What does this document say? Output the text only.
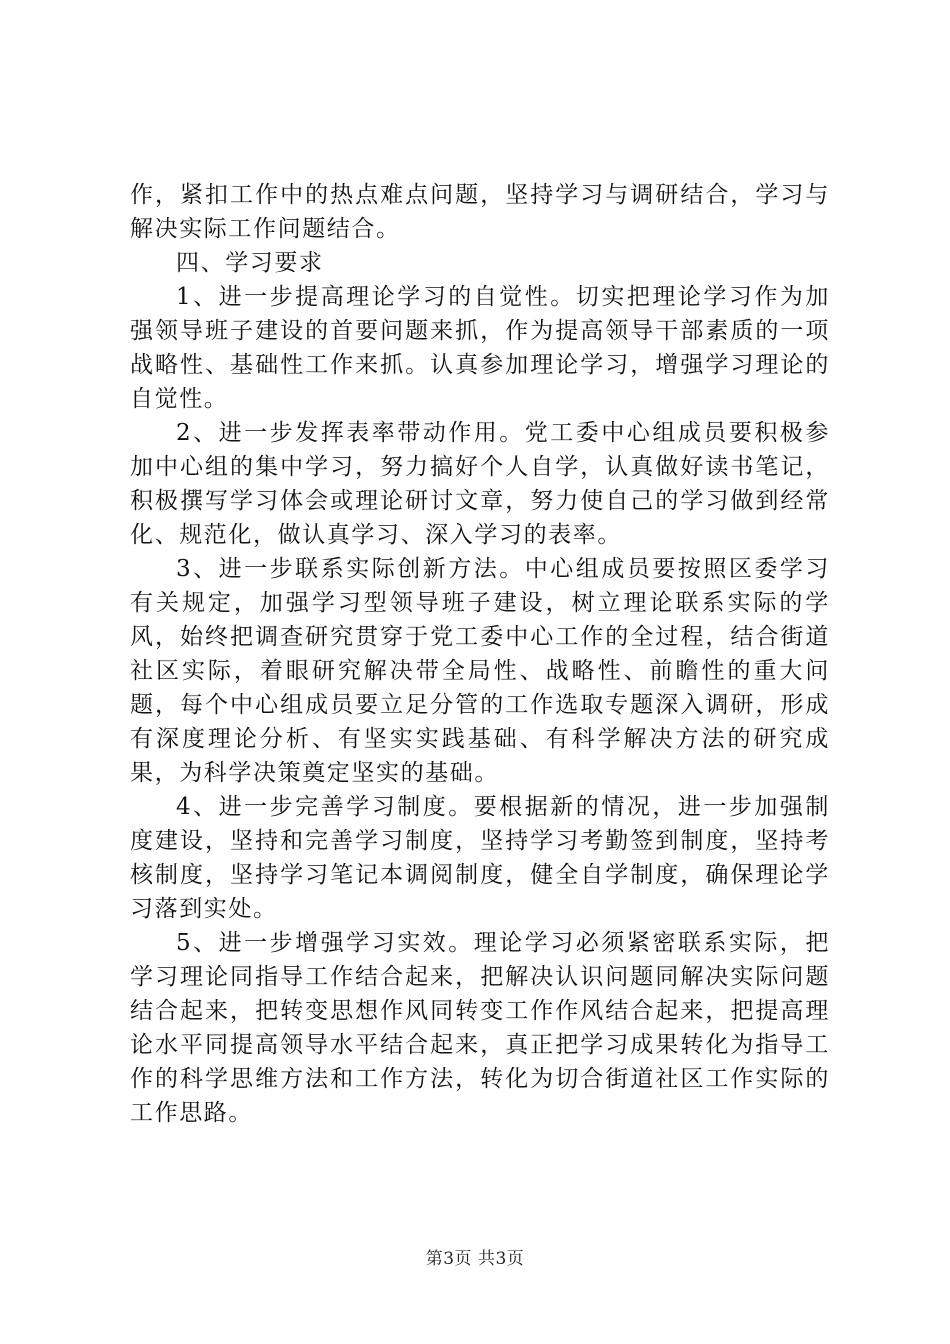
作，紧扣工作中的热点难点问题，坚持学习与调研结合，学习与解决实际工作问题结合。

四、学习要求

1、进一步提高理论学习的自觉性。切实把理论学习作为加强领导班子建设的首要问题来抓，作为提高领导干部素质的一项战略性、基础性工作来抓。认真参加理论学习，增强学习理论的自觉性。

2、进一步发挥表率带动作用。党工委中心组成员要积极参加中心组的集中学习，努力搞好个人自学，认真做好读书笔记，积极撰写学习体会或理论研讨文章，努力使自己的学习做到经常化、规范化，做认真学习、深入学习的表率。

3、进一步联系实际创新方法。中心组成员要按照区委学习有关规定，加强学习型领导班子建设，树立理论联系实际的学风，始终把调查研究贯穿于党工委中心工作的全过程，结合街道社区实际，着眼研究解决带全局性、战略性、前瞻性的重大问题，每个中心组成员要立足分管的工作选取专题深入调研，形成有深度理论分析、有坚实实践基础、有科学解决方法的研究成果，为科学决策奠定坚实的基础。

4、进一步完善学习制度。要根据新的情况，进一步加强制度建设，坚持和完善学习制度，坚持学习考勤签到制度，坚持考核制度，坚持学习笔记本调阅制度，健全自学制度，确保理论学习落到实处。

5、进一步增强学习实效。理论学习必须紧密联系实际，把学习理论同指导工作结合起来，把解决认识问题同解决实际问题结合起来，把转变思想作风同转变工作作风结合起来，把提高理论水平同提高领导水平结合起来，真正把学习成果转化为指导工作的科学思维方法和工作方法，转化为切合街道社区工作实际的工作思路。

第3页 共3页
